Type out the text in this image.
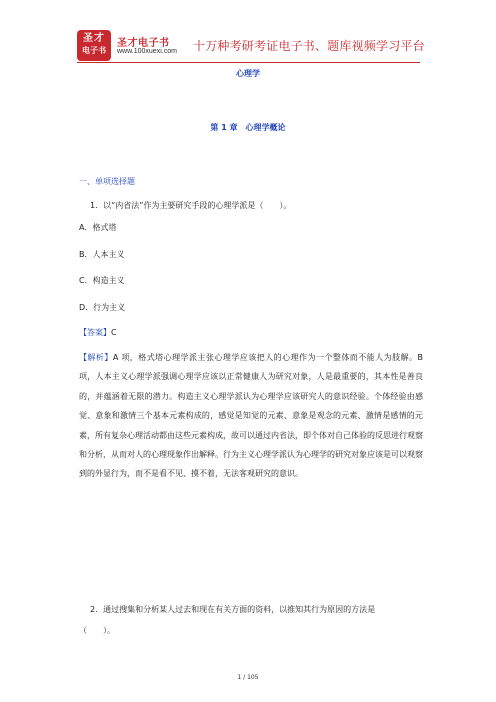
圣才
电子书
圣才电子书
www.100xuexi.com 十万种考研考证电子书、题库视频学习平台
心理学
第 1 章　心理学概论
一、单项选择题
1．以“内省法”作为主要研究手段的心理学派是（　　）。
A．格式塔
B．人本主义
C．构造主义
D．行为主义
【答案】C
【解析】A 项，格式塔心理学派主张心理学应该把人的心理作为一个整体而不能人为肢解。B 项，人本主义心理学派强调心理学应该以正常健康人为研究对象，人是最重要的，其本性是善良的，并蕴涵着无限的潜力。构造主义心理学派认为心理学应该研究人的意识经验。个体经验由感觉、意象和激情三个基本元素构成的，感觉是知觉的元素、意象是观念的元素、激情是感情的元素，所有复杂心理活动都由这些元素构成，故可以通过内省法，即个体对自己体验的反思进行观察和分析，从而对人的心理现象作出解释。行为主义心理学派认为心理学的研究对象应该是可以观察到的外显行为，而不是看不见、摸不着，无法客观研究的意识。
2．通过搜集和分析某人过去和现在有关方面的资料，以推知其行为原因的方法是
（　　）。
1 / 105
